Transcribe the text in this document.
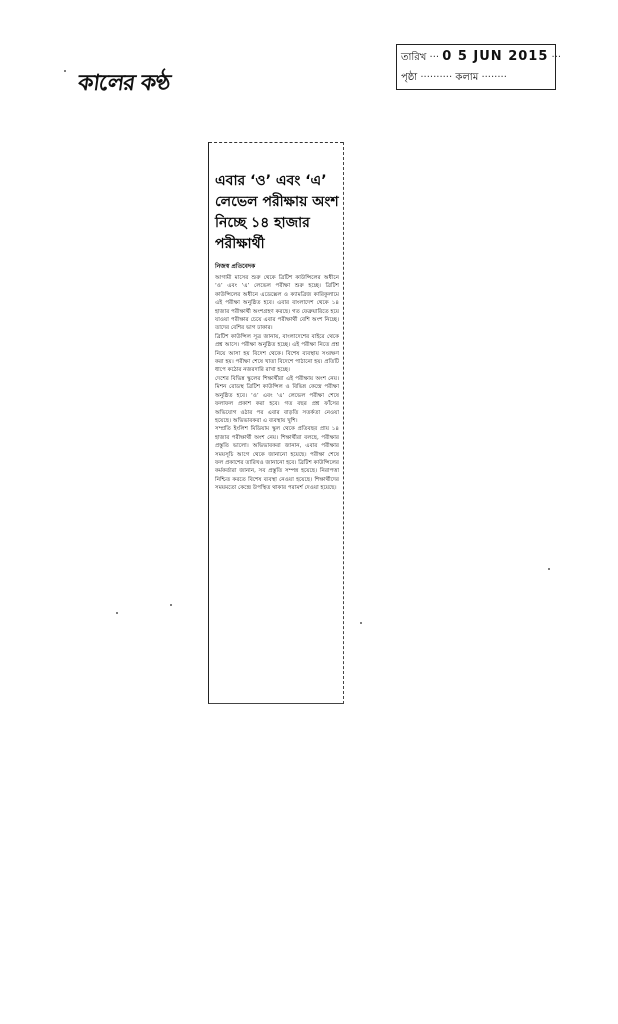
কালের কণ্ঠ
তারিখ ··· 0 5 JUN 2015 ···
পৃষ্ঠা ·········· কলাম ········
এবার ‘ও’ এবং ‘এ’ লেভেল পরীক্ষায় অংশ নিচ্ছে ১৪ হাজার পরীক্ষার্থী
নিজস্ব প্রতিবেদক
আগামী মাসের শুরু থেকে ব্রিটিশ কাউন্সিলের অধীনে ‘ও’ এবং ‘এ’ লেভেল পরীক্ষা শুরু হচ্ছে। ব্রিটিশ কাউন্সিলের অধীনে এডেক্সেল ও ক্যামব্রিজ কারিকুলামে এই পরীক্ষা অনুষ্ঠিত হবে। এবার বাংলাদেশ থেকে ১৪ হাজার পরীক্ষার্থী অংশগ্রহণ করছে। গত ফেব্রুয়ারিতে হয়ে যাওয়া পরীক্ষার চেয়ে এবার পরীক্ষার্থী বেশি অংশ নিচ্ছে। তাদের বেশির ভাগ ঢাকার।
ব্রিটিশ কাউন্সিল সূত্র জানায়, বাংলাদেশের বাইরে থেকে প্রশ্ন আসে। পরীক্ষা অনুষ্ঠিত হচ্ছে। এই পরীক্ষা নিতে প্রশ্ন নিয়ে আসা হয় বিদেশ থেকে। বিশেষ ব্যবস্থায় সংরক্ষণ করা হয়। পরীক্ষা শেষে খাতা বিদেশে পাঠানো হয়। প্রতিটি ধাপে কঠোর নজরদারি রাখা হচ্ছে।
দেশের বিভিন্ন স্কুলের শিক্ষার্থীরা এই পরীক্ষায় অংশ নেয়। মিশন রোডস্থ ব্রিটিশ কাউন্সিল ও বিভিন্ন কেন্দ্রে পরীক্ষা অনুষ্ঠিত হবে। ‘ও’ এবং ‘এ’ লেভেল পরীক্ষা শেষে ফলাফল প্রকাশ করা হবে। গত বছর প্রশ্ন ফাঁসের অভিযোগ ওঠার পর এবার বাড়তি সতর্কতা নেওয়া হয়েছে। অভিভাবকরা এ ব্যবস্থায় খুশি।
সম্প্রতি ইংলিশ মিডিয়াম স্কুল থেকে প্রতিবছর প্রায় ১৪ হাজার পরীক্ষার্থী অংশ নেয়। শিক্ষার্থীরা বলছে, পরীক্ষার প্রস্তুতি ভালো। অভিভাবকরা জানান, এবার পরীক্ষার সময়সূচি আগে থেকে জানানো হয়েছে। পরীক্ষা শেষে ফল প্রকাশের তারিখও জানানো হবে। ব্রিটিশ কাউন্সিলের কর্মকর্তারা জানান, সব প্রস্তুতি সম্পন্ন হয়েছে। নিরাপত্তা নিশ্চিত করতে বিশেষ ব্যবস্থা নেওয়া হয়েছে। শিক্ষার্থীদের সময়মতো কেন্দ্রে উপস্থিত থাকার পরামর্শ দেওয়া হয়েছে।
